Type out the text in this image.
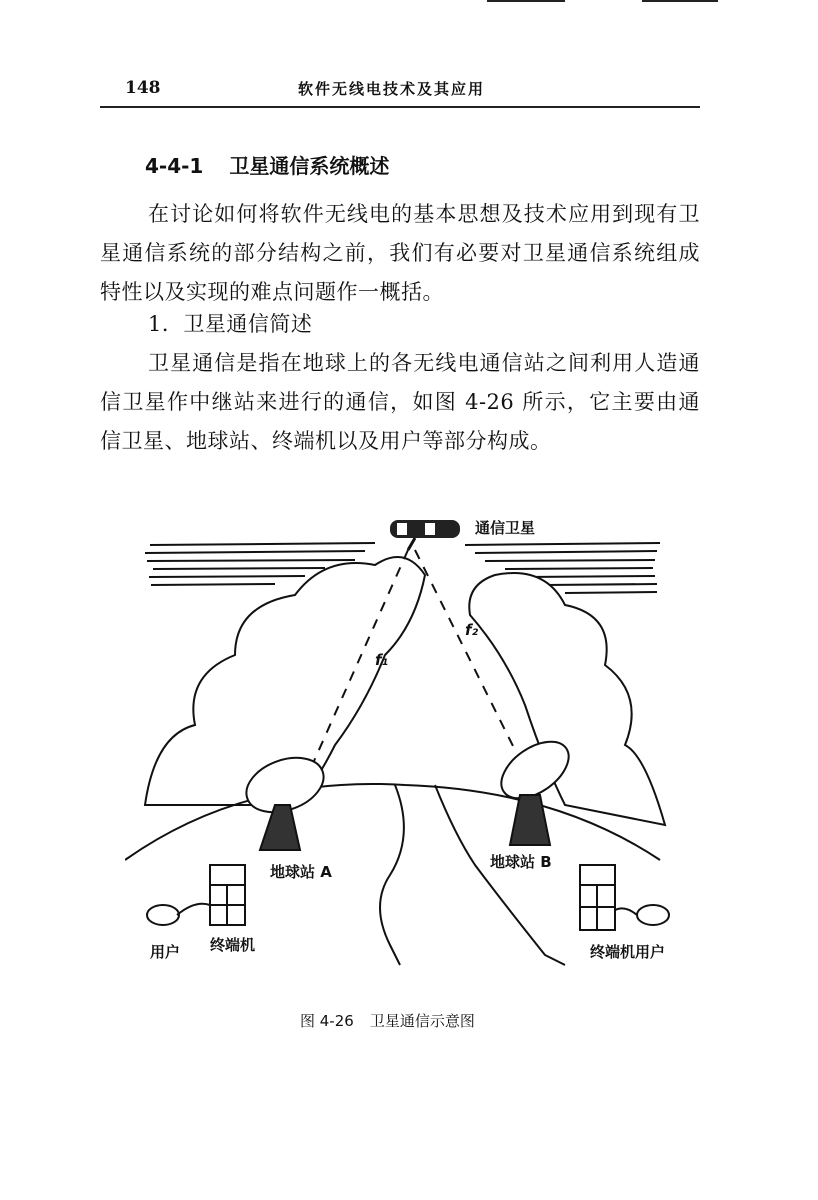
148	软件无线电技术及其应用
4-4-1 卫星通信系统概述

在讨论如何将软件无线电的基本思想及技术应用到现有卫星通信系统的部分结构之前，我们有必要对卫星通信系统组成特性以及实现的难点问题作一概括。

1．卫星通信简述

卫星通信是指在地球上的各无线电通信站之间利用人造通信卫星作中继站来进行的通信，如图 4-26 所示，它主要由通信卫星、地球站、终端机以及用户等部分构成。

通信卫星
f₁
f₂
地球站 A
地球站 B
用户 终端机	终端机用户
图 4-26 卫星通信示意图
